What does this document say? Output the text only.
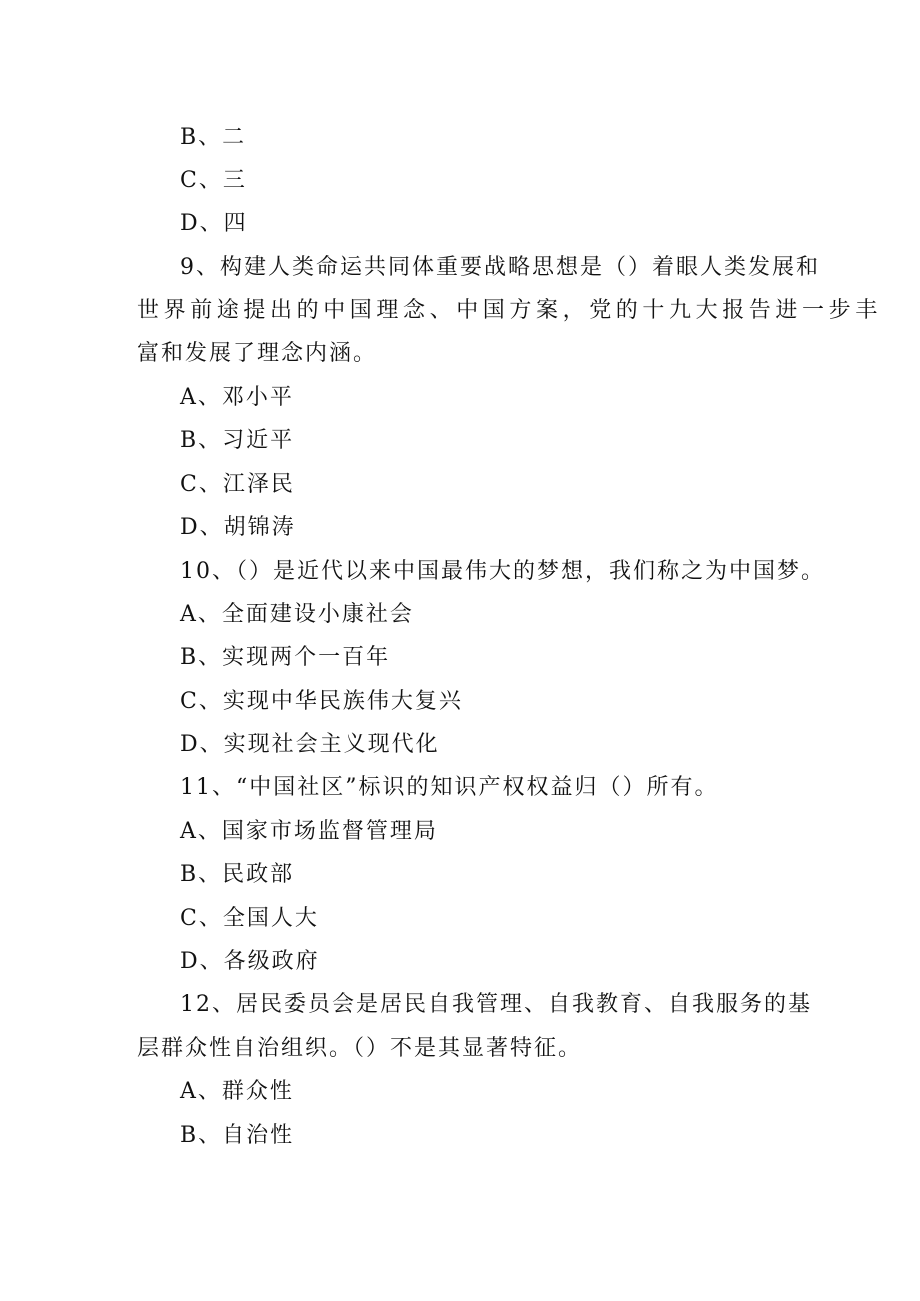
B、二
C、三
D、四
9、构建人类命运共同体重要战略思想是（）着眼人类发展和
世界前途提出的中国理念、中国方案，党的十九大报告进一步丰
富和发展了理念内涵。
A、邓小平
B、习近平
C、江泽民
D、胡锦涛
10、（）是近代以来中国最伟大的梦想，我们称之为中国梦。
A、全面建设小康社会
B、实现两个一百年
C、实现中华民族伟大复兴
D、实现社会主义现代化
11、“中国社区”标识的知识产权权益归（）所有。
A、国家市场监督管理局
B、民政部
C、全国人大
D、各级政府
12、居民委员会是居民自我管理、自我教育、自我服务的基
层群众性自治组织。（）不是其显著特征。
A、群众性
B、自治性
